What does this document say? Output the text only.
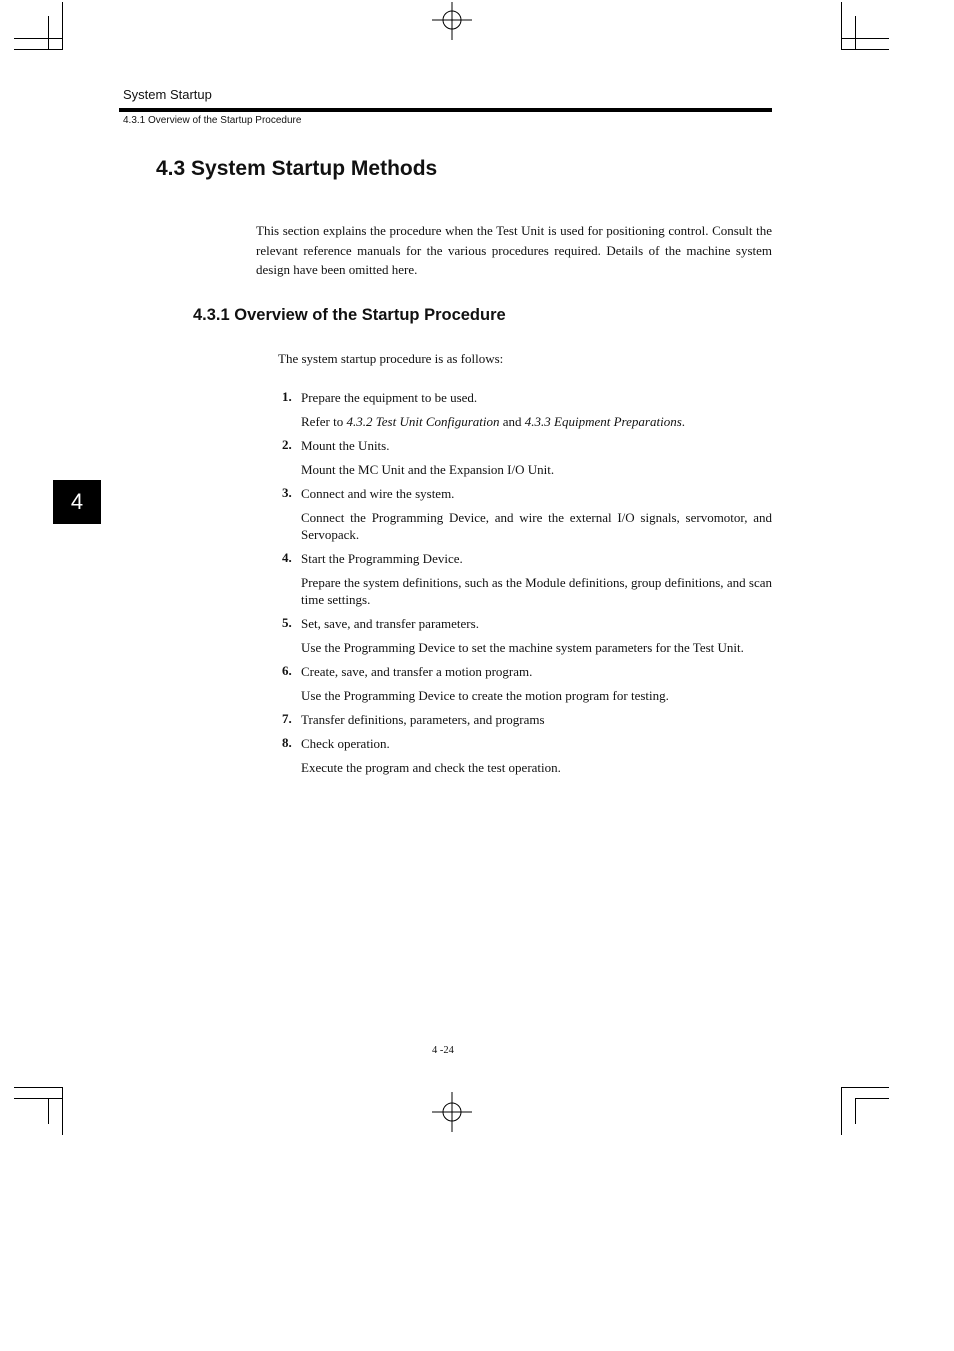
System Startup
4.3.1 Overview of the Startup Procedure
4.3 System Startup Methods
This section explains the procedure when the Test Unit is used for positioning control. Consult the relevant reference manuals for the various procedures required. Details of the machine system design have been omitted here.
4.3.1 Overview of the Startup Procedure
The system startup procedure is as follows:
1. Prepare the equipment to be used.
Refer to 4.3.2 Test Unit Configuration and 4.3.3 Equipment Preparations.
2. Mount the Units.
Mount the MC Unit and the Expansion I/O Unit.
3. Connect and wire the system.
Connect the Programming Device, and wire the external I/O signals, servomotor, and Servopack.
4. Start the Programming Device.
Prepare the system definitions, such as the Module definitions, group definitions, and scan time settings.
5. Set, save, and transfer parameters.
Use the Programming Device to set the machine system parameters for the Test Unit.
6. Create, save, and transfer a motion program.
Use the Programming Device to create the motion program for testing.
7. Transfer definitions, parameters, and programs
8. Check operation.
Execute the program and check the test operation.
4
4 -24
